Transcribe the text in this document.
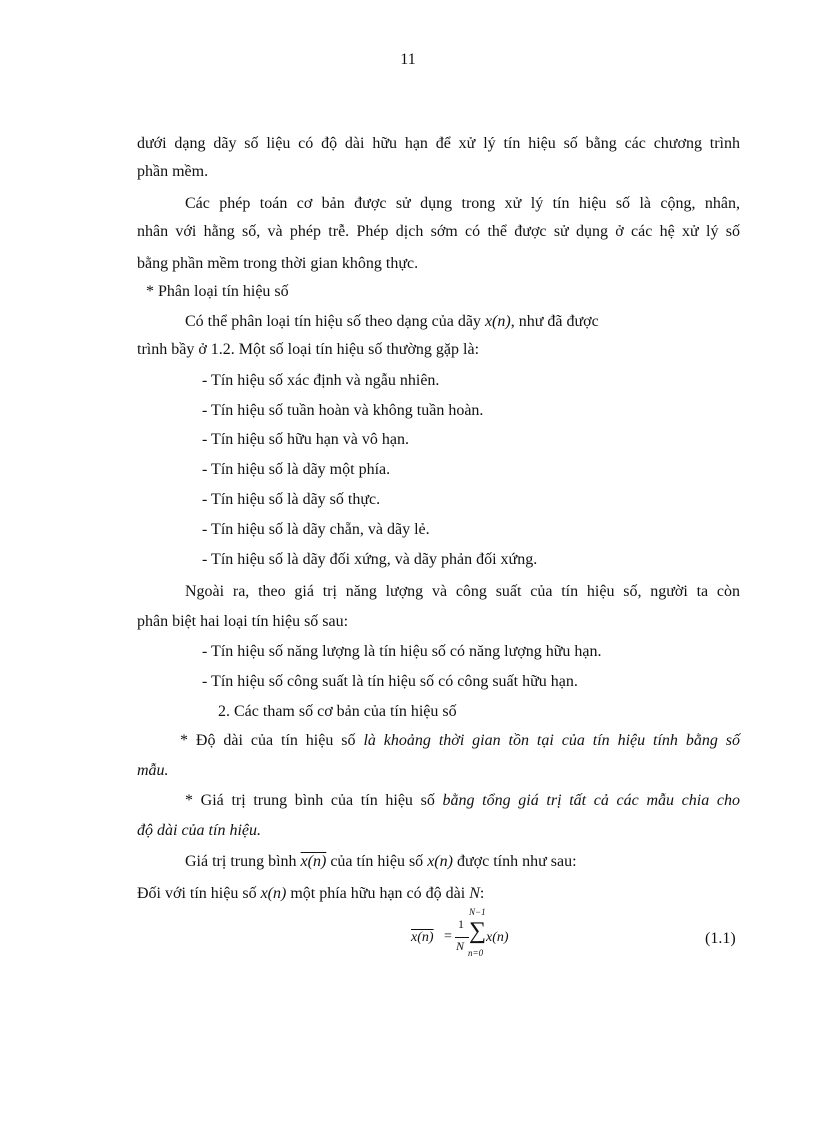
11
dưới dạng dãy số liệu có độ dài hữu hạn để xử lý tín hiệu số bằng các chương trình
phần mềm.
Các phép toán cơ bản được sử dụng trong xử lý tín hiệu số là cộng, nhân,
nhân với hằng số, và phép trễ. Phép dịch sớm có thể được sử dụng ở các hệ xử lý số
bằng phần mềm trong thời gian không thực.
* Phân loại tín hiệu số
Có thể phân loại tín hiệu số theo dạng của dãy x(n), như đã được
trình bầy ở 1.2. Một số loại tín hiệu số thường gặp là:
- Tín hiệu số xác định và ngẫu nhiên.
- Tín hiệu số tuần hoàn và không tuần hoàn.
- Tín hiệu số hữu hạn và vô hạn.
- Tín hiệu số là dãy một phía.
- Tín hiệu số là dãy số thực.
- Tín hiệu số là dãy chẵn, và dãy lẻ.
- Tín hiệu số là dãy đối xứng, và dãy phản đối xứng.
Ngoài ra, theo giá trị năng lượng và công suất của tín hiệu số, người ta còn
phân biệt hai loại tín hiệu số sau:
- Tín hiệu số năng lượng là tín hiệu số có năng lượng hữu hạn.
- Tín hiệu số công suất là tín hiệu số có công suất hữu hạn.
2. Các tham số cơ bản của tín hiệu số
* Độ dài của tín hiệu số là khoảng thời gian tồn tại của tín hiệu tính bằng số
mẫu.
* Giá trị trung bình của tín hiệu số bằng tổng giá trị tất cả các mẫu chia cho
độ dài của tín hiệu.
Giá trị trung bình x(n) của tín hiệu số x(n) được tính như sau:
Đối với tín hiệu số x(n) một phía hữu hạn có độ dài N:
x(n) =
1
N
N−1
∑
n=0
x(n)	(1.1)
